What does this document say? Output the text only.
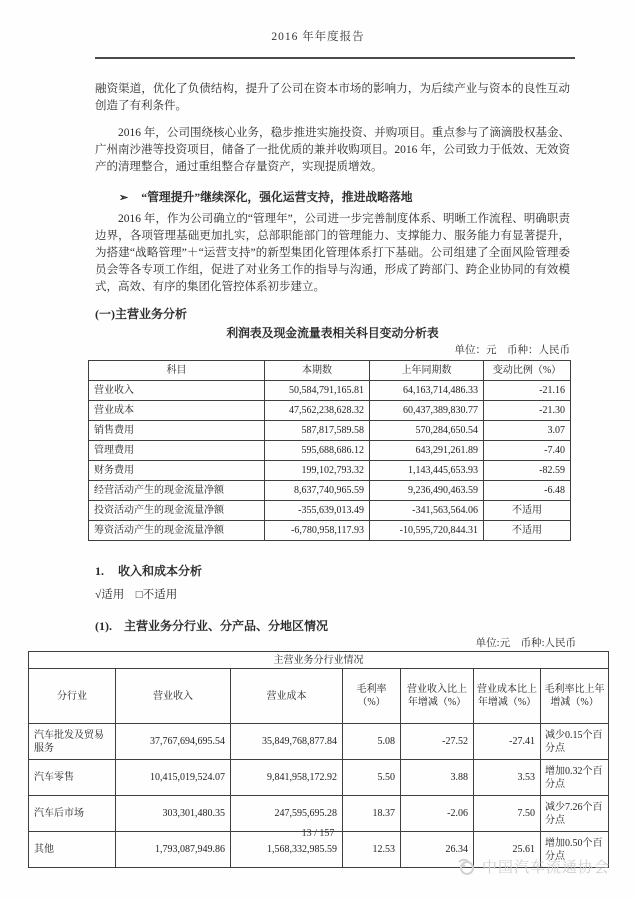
2016 年年度报告

融资渠道，优化了负债结构，提升了公司在资本市场的影响力，为后续产业与资本的良性互动创造了有利条件。

2016 年，公司围绕核心业务，稳步推进实施投资、并购项目。重点参与了滴滴股权基金、广州南沙港等投资项目，储备了一批优质的兼并收购项目。2016 年，公司致力于低效、无效资产的清理整合，通过重组整合存量资产，实现提质增效。

➢ “管理提升”继续深化，强化运营支持，推进战略落地

2016 年，作为公司确立的“管理年”，公司进一步完善制度体系、明晰工作流程、明确职责边界，各项管理基础更加扎实，总部职能部门的管理能力、支撑能力、服务能力有显著提升，为搭建“战略管理”＋“运营支持”的新型集团化管理体系打下基础。公司组建了全面风险管理委员会等各专项工作组，促进了对业务工作的指导与沟通，形成了跨部门、跨企业协同的有效模式，高效、有序的集团化管控体系初步建立。

(一)主营业务分析
利润表及现金流量表相关科目变动分析表
单位：元　币种：人民币
科目	本期数	上年同期数	变动比例（%）
营业收入	50,584,791,165.81	64,163,714,486.33	-21.16
营业成本	47,562,238,628.32	60,437,389,830.77	-21.30
销售费用	587,817,589.58	570,284,650.54	3.07
管理费用	595,688,686.12	643,291,261.89	-7.40
财务费用	199,102,793.32	1,143,445,653.93	-82.59
经营活动产生的现金流量净额	8,637,740,965.59	9,236,490,463.59	-6.48
投资活动产生的现金流量净额	-355,639,013.49	-341,563,564.06	不适用
筹资活动产生的现金流量净额	-6,780,958,117.93	-10,595,720,844.31	不适用
1. 收入和成本分析
√适用　□不适用
(1). 主营业务分行业、分产品、分地区情况
单位:元　币种:人民币
主营业务分行业情况						
分行业	营业收入	营业成本	毛利率（%）	营业收入比上年增减（%）	营业成本比上年增减（%）	毛利率比上年增减（%）
汽车批发及贸易服务	37,767,694,695.54	35,849,768,877.84	5.08	-27.52	-27.41	减少0.15个百分点
汽车零售	10,415,019,524.07	9,841,958,172.92	5.50	3.88	3.53	增加0.32个百分点
汽车后市场	303,301,480.35	247,595,695.28	18.37	-2.06	7.50	减少7.26个百分点
其他	1,793,087,949.86	1,568,332,985.59	12.53	26.34	25.61	增加0.50个百分点
13 / 157
中国汽车流通协会
